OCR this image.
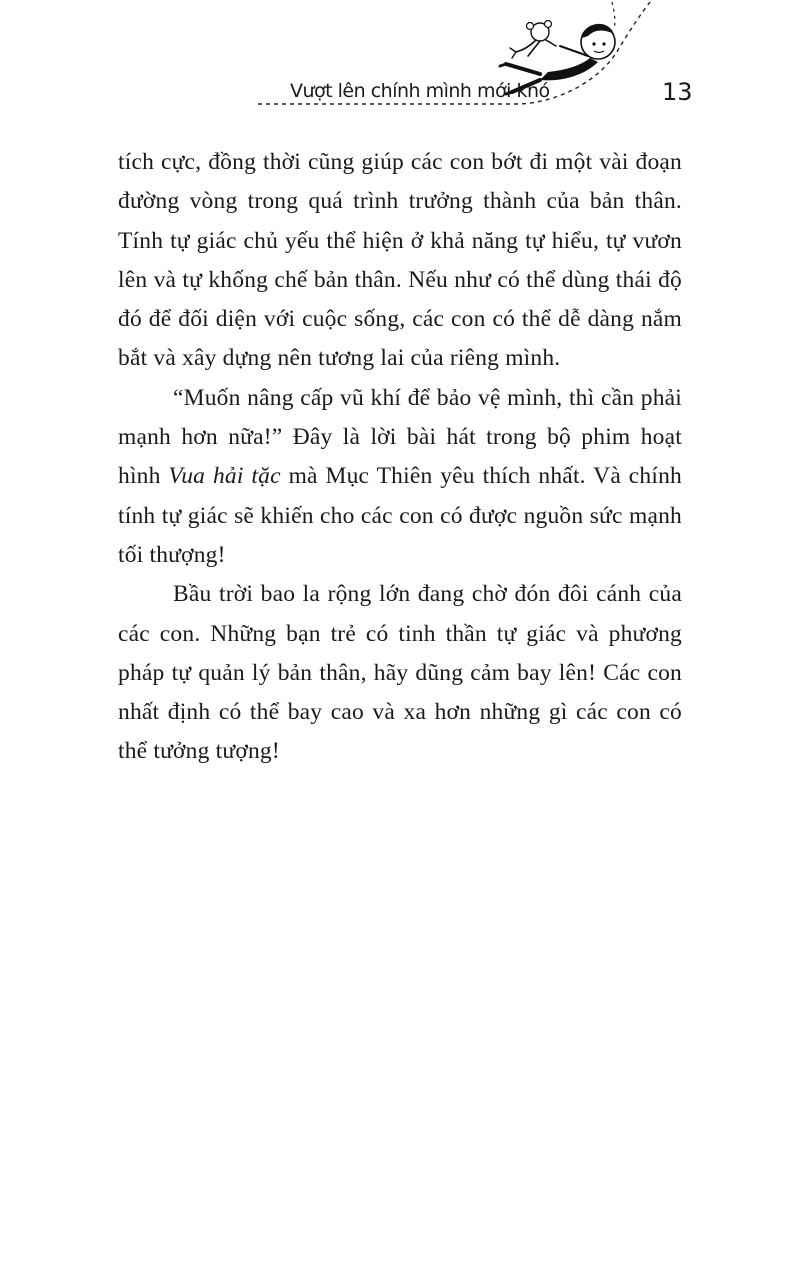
Vượt lên chính mình mới khó	13

tích cực, đồng thời cũng giúp các con bớt đi một vài đoạn đường vòng trong quá trình trưởng thành của bản thân. Tính tự giác chủ yếu thể hiện ở khả năng tự hiểu, tự vươn lên và tự khống chế bản thân. Nếu như có thể dùng thái độ đó để đối diện với cuộc sống, các con có thể dễ dàng nắm bắt và xây dựng nên tương lai của riêng mình.

“Muốn nâng cấp vũ khí để bảo vệ mình, thì cần phải mạnh hơn nữa!” Đây là lời bài hát trong bộ phim hoạt hình Vua hải tặc mà Mục Thiên yêu thích nhất. Và chính tính tự giác sẽ khiến cho các con có được nguồn sức mạnh tối thượng!

Bầu trời bao la rộng lớn đang chờ đón đôi cánh của các con. Những bạn trẻ có tinh thần tự giác và phương pháp tự quản lý bản thân, hãy dũng cảm bay lên! Các con nhất định có thể bay cao và xa hơn những gì các con có thể tưởng tượng!
